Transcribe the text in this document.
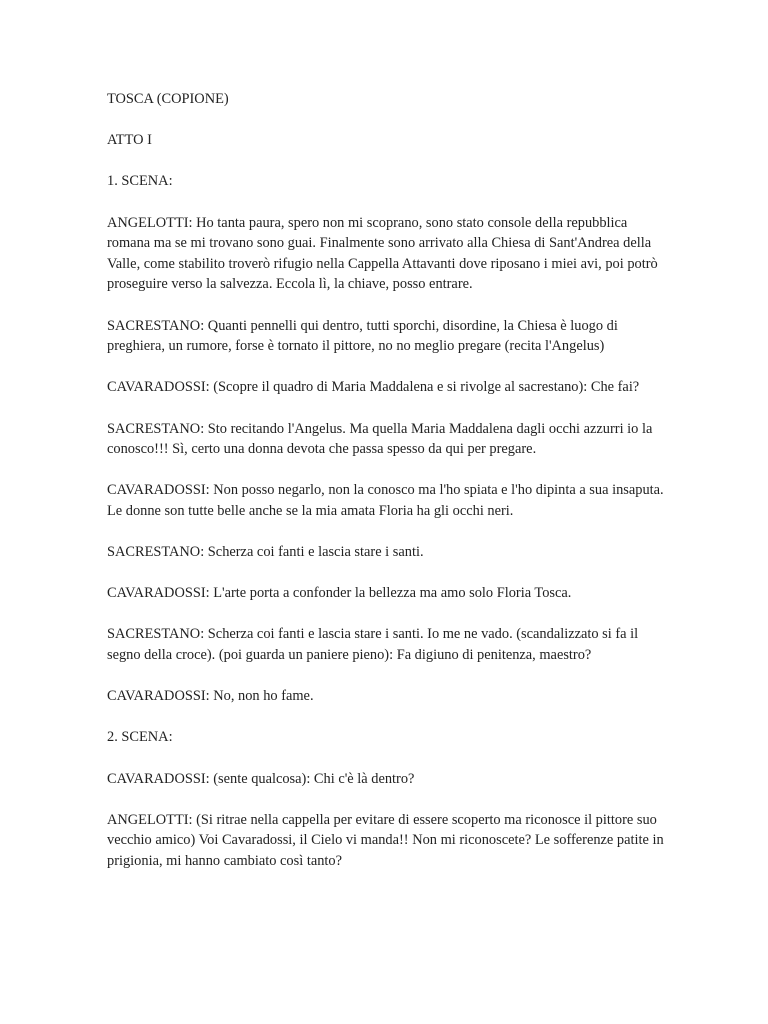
TOSCA (COPIONE)

ATTO I

1. SCENA:

ANGELOTTI: Ho tanta paura, spero non mi scoprano, sono stato console della repubblica romana ma se mi trovano sono guai. Finalmente sono arrivato alla Chiesa di Sant'Andrea della Valle, come stabilito troverò rifugio nella Cappella Attavanti dove riposano i miei avi, poi potrò proseguire verso la salvezza. Eccola lì, la chiave, posso entrare.

SACRESTANO: Quanti pennelli qui dentro, tutti sporchi, disordine, la Chiesa è luogo di preghiera, un rumore, forse è tornato il pittore, no no meglio pregare (recita l'Angelus)

CAVARADOSSI: (Scopre il quadro di Maria Maddalena e si rivolge al sacrestano): Che fai?

SACRESTANO: Sto recitando l'Angelus. Ma quella Maria Maddalena dagli occhi azzurri io la conosco!!! Sì, certo una donna devota che passa spesso da qui per pregare.

CAVARADOSSI: Non posso negarlo, non la conosco ma l'ho spiata e l'ho dipinta a sua insaputa. Le donne son tutte belle anche se la mia amata Floria ha gli occhi neri.

SACRESTANO: Scherza coi fanti e lascia stare i santi.

CAVARADOSSI: L'arte porta a confonder la bellezza ma amo solo Floria Tosca.

SACRESTANO: Scherza coi fanti e lascia stare i santi. Io me ne vado. (scandalizzato si fa il segno della croce). (poi guarda un paniere pieno): Fa digiuno di penitenza, maestro?

CAVARADOSSI: No, non ho fame.

2. SCENA:

CAVARADOSSI: (sente qualcosa): Chi c'è là dentro?

ANGELOTTI: (Si ritrae nella cappella per evitare di essere scoperto ma riconosce il pittore suo vecchio amico) Voi Cavaradossi, il Cielo vi manda!! Non mi riconoscete? Le sofferenze patite in prigionia, mi hanno cambiato così tanto?
